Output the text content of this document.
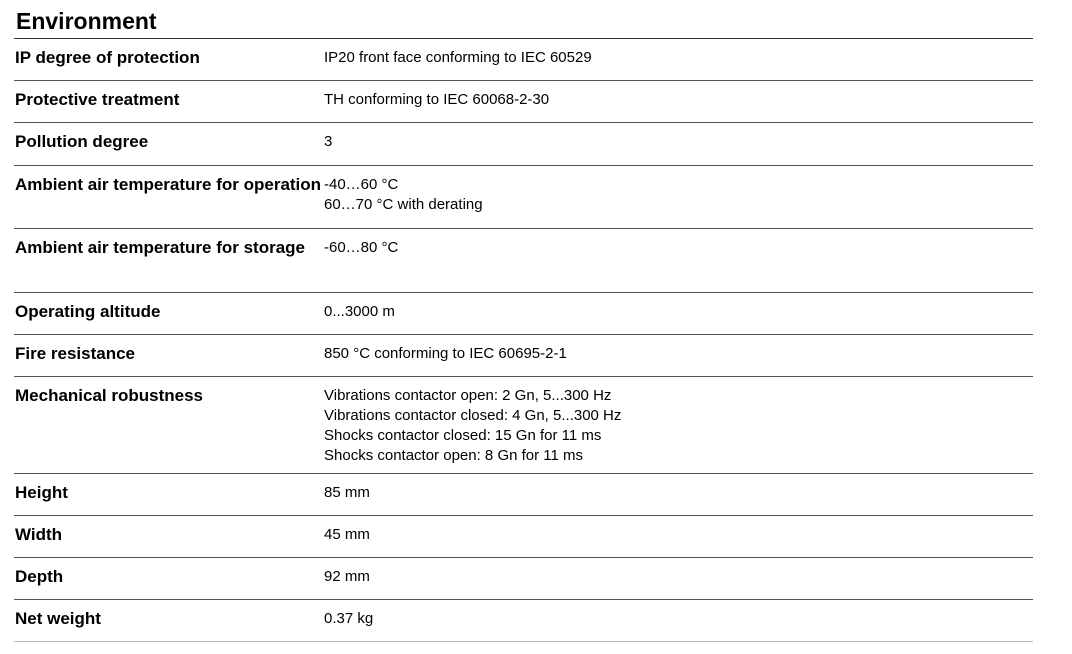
Environment
IP degree of protection	IP20 front face conforming to IEC 60529
Protective treatment	TH conforming to IEC 60068-2-30
Pollution degree	3
Ambient air temperature for operation -40…60 °C
60…70 °C with derating
Ambient air temperature for storage	-60…80 °C
Operating altitude	0...3000 m
Fire resistance	850 °C conforming to IEC 60695-2-1
Mechanical robustness	Vibrations contactor open: 2 Gn, 5...300 Hz
Vibrations contactor closed: 4 Gn, 5...300 Hz
Shocks contactor closed: 15 Gn for 11 ms
Shocks contactor open: 8 Gn for 11 ms
Height	85 mm
Width	45 mm
Depth	92 mm
Net weight	0.37 kg
